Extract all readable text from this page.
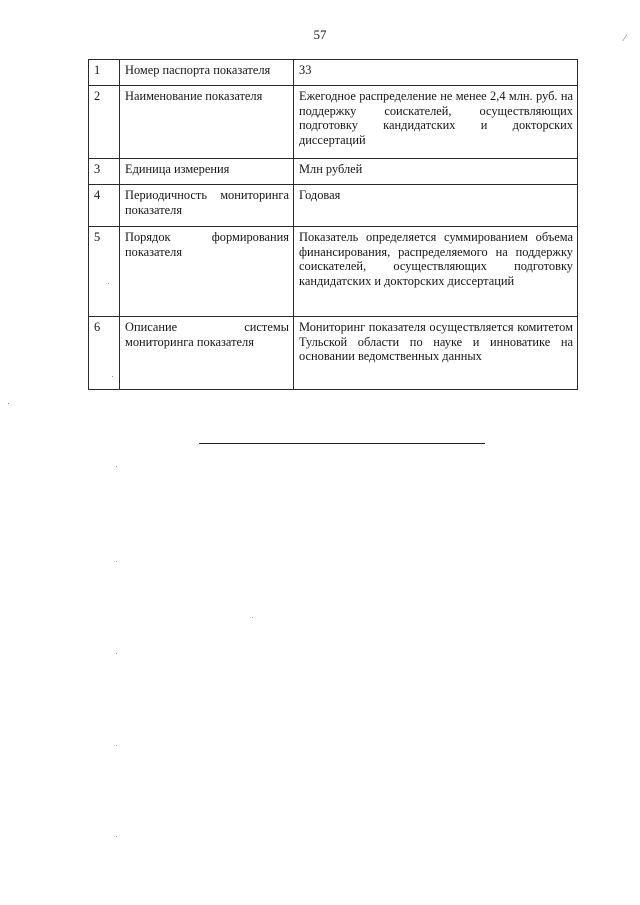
57
1	Номер паспорта показателя	33
2	Наименование показателя	Ежегодное распределение не менее 2,4 млн. руб. на поддержку соискателей, осуществляющих подготовку кандидатских и докторских диссертаций
3	Единица измерения	Млн рублей
4	Периодичность мониторинга показателя	Годовая
5	Порядок формирования показателя	Показатель определяется суммированием объема финансирования, распределяемого на поддержку соискателей, осуществляющих подготовку кандидатских и докторских диссертаций
6	Описание системы мониторинга показателя	Мониторинг показателя осуществляется комитетом Тульской области по науке и инноватике на основании ведомственных данных
⁄
